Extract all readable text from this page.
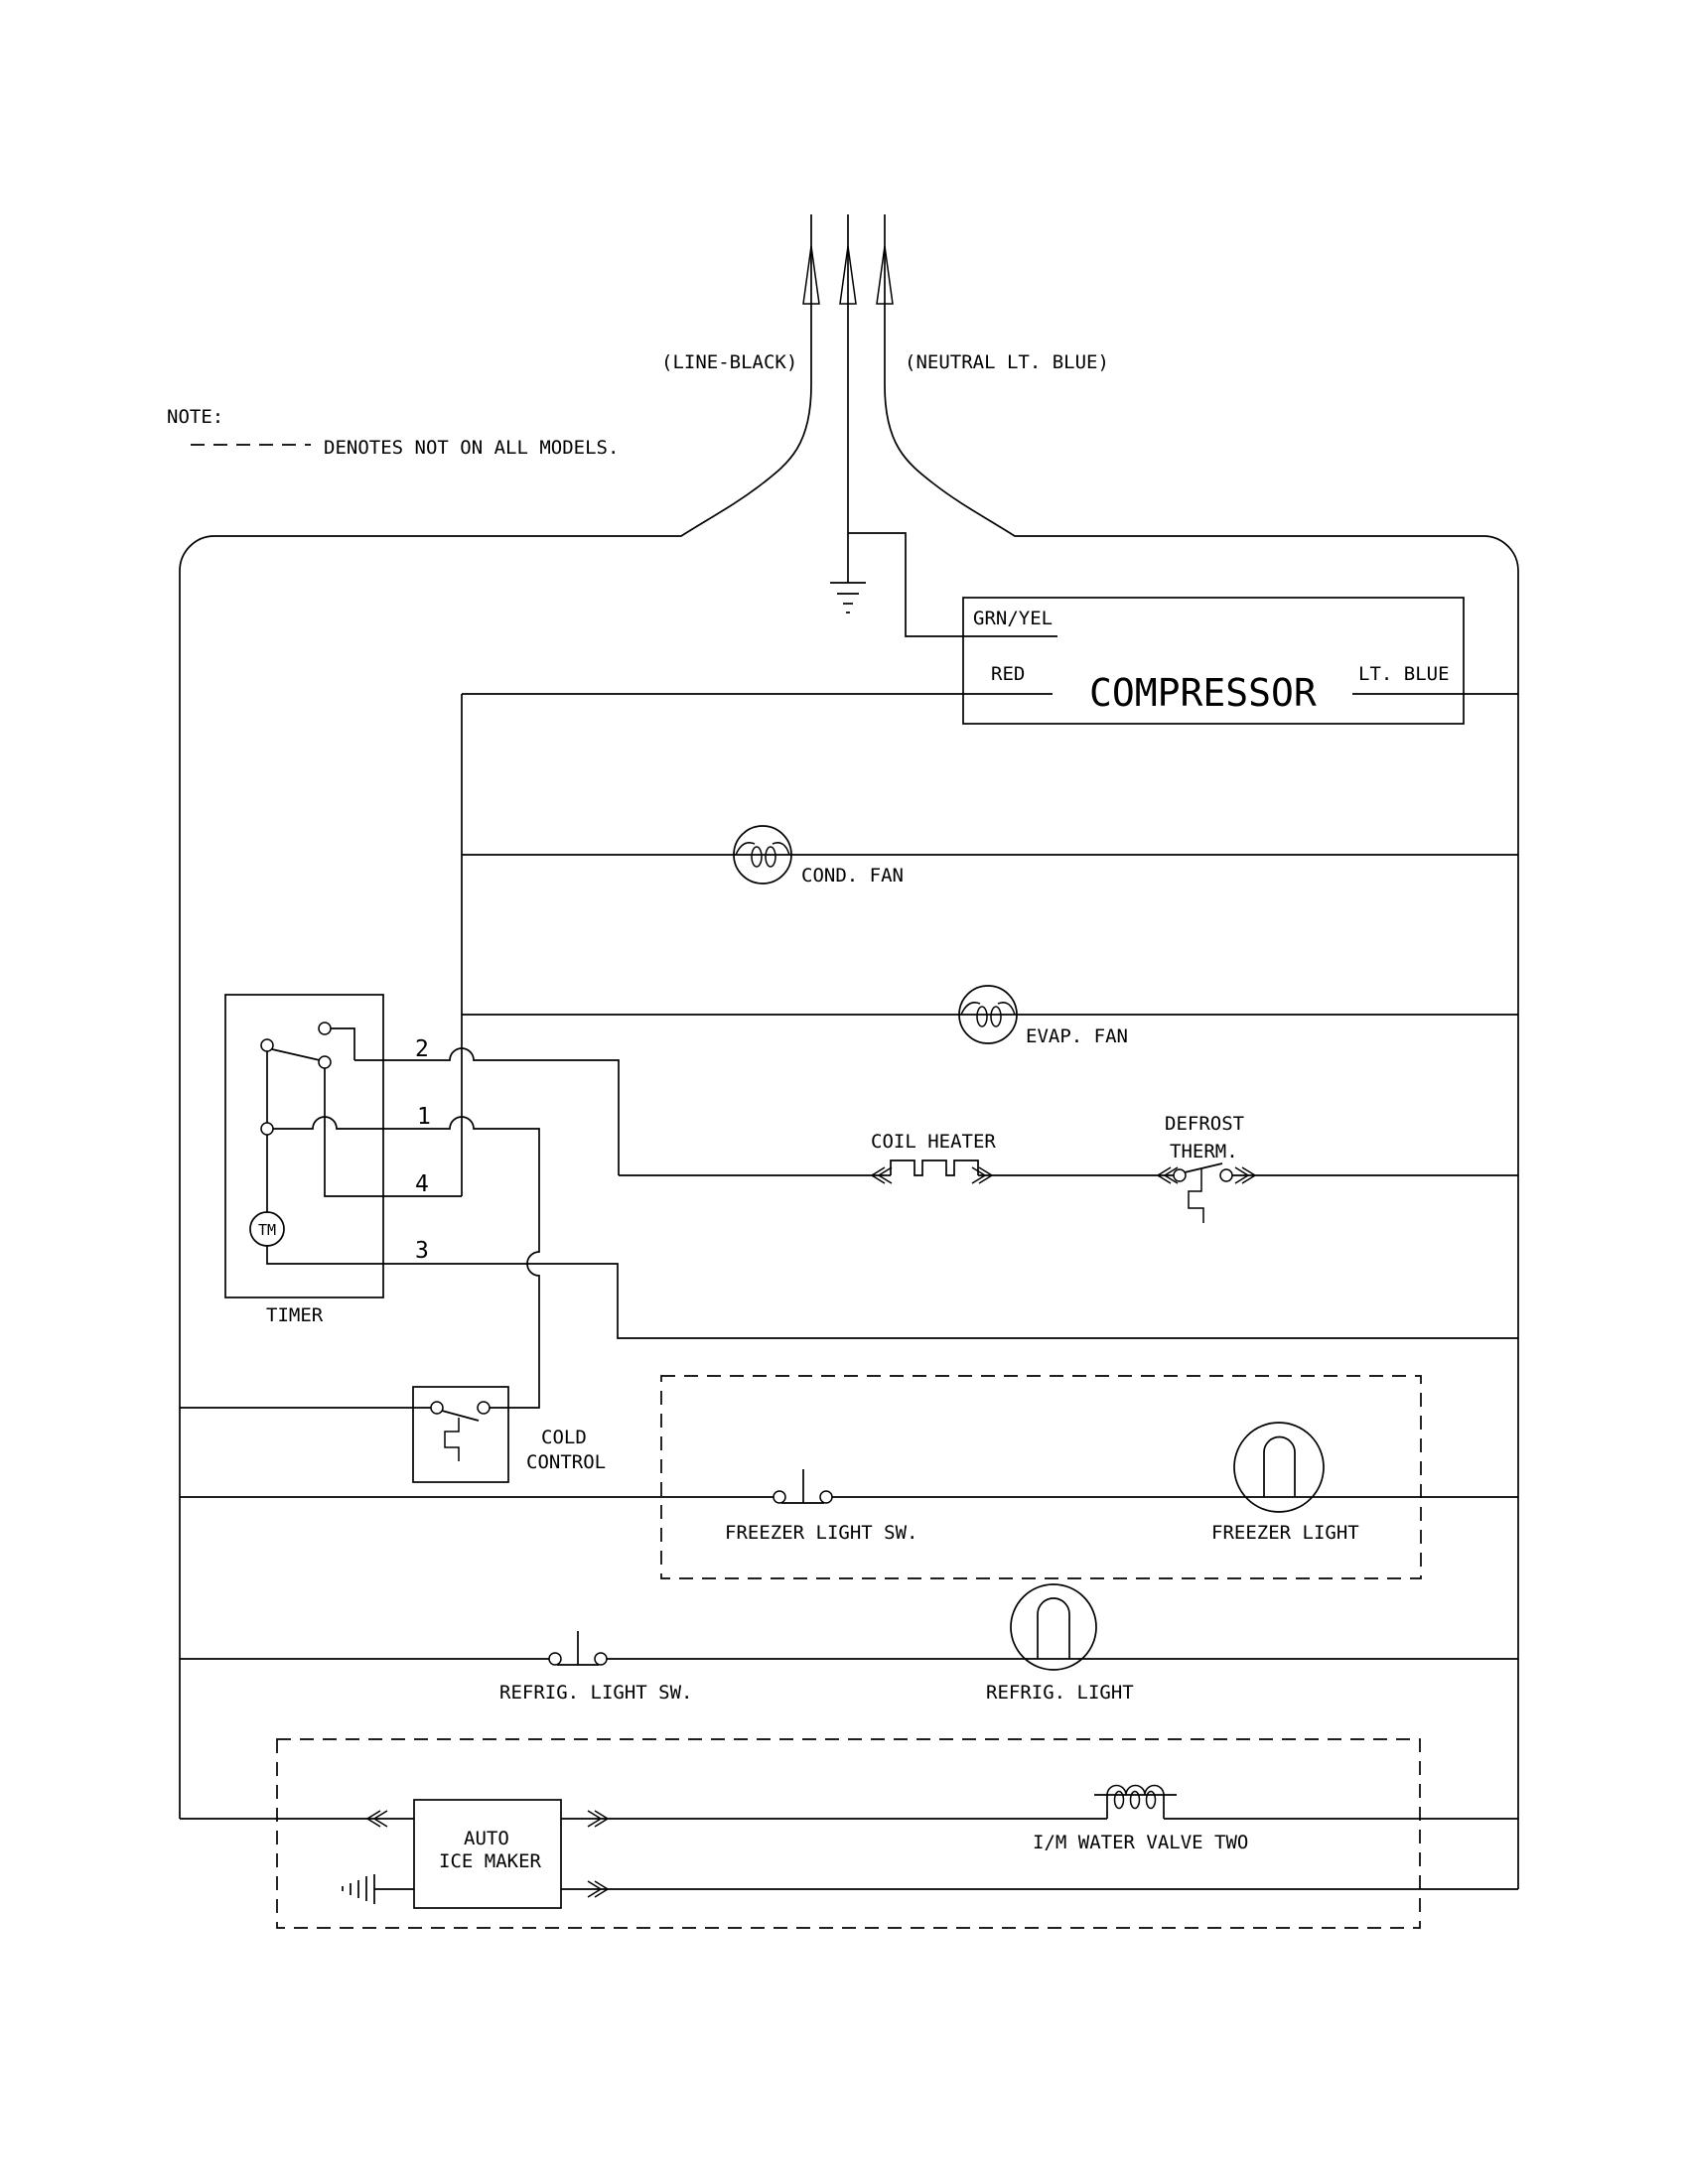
(LINE-BLACK)	(NEUTRAL LT. BLUE)
NOTE:
DENOTES NOT ON ALL MODELS.
GRN/YEL
RED	LT. BLUE
COMPRESSOR
COND. FAN
EVAP. FAN
TM
2
1
4
3
TIMER
COIL HEATER
DEFROST
THERM.
COLD
CONTROL
FREEZER LIGHT SW.	FREEZER LIGHT
REFRIG. LIGHT SW.	REFRIG. LIGHT
AUTO
ICE MAKER
I/M WATER VALVE TWO
